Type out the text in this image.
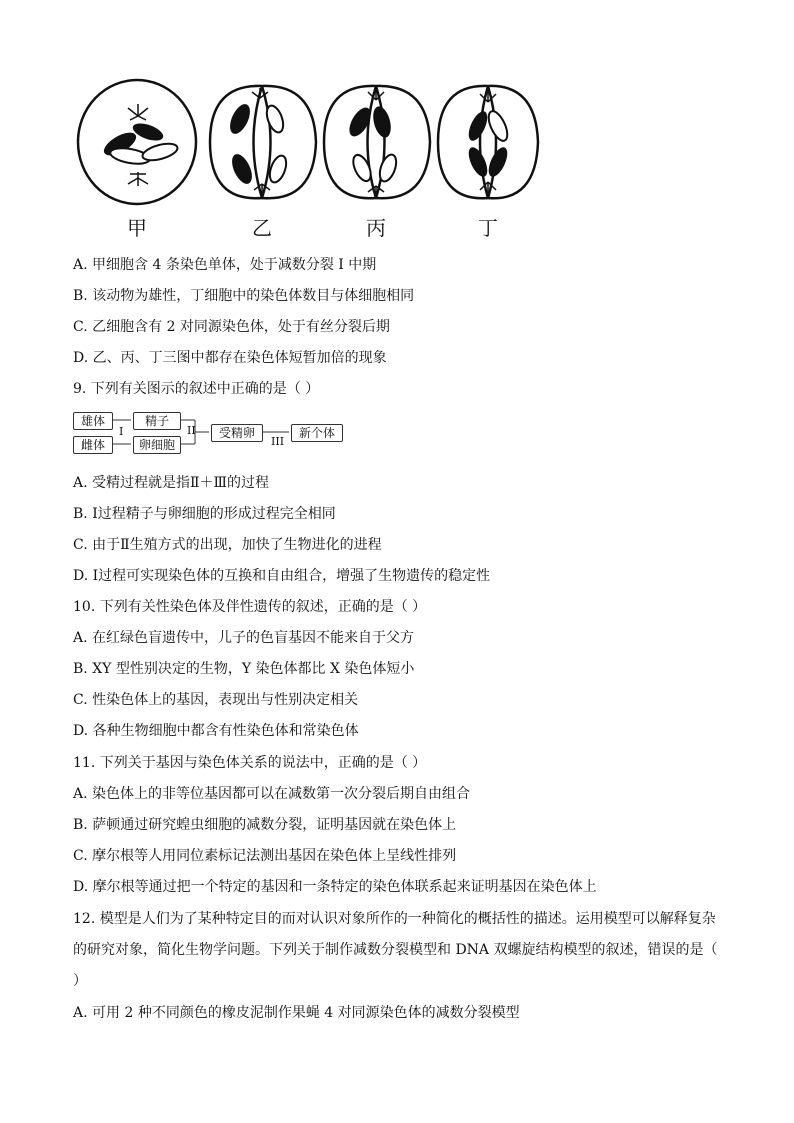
甲	乙	丙	丁
A. 甲细胞含 4 条染色单体，处于减数分裂 I 中期
B. 该动物为雄性，丁细胞中的染色体数目与体细胞相同
C. 乙细胞含有 2 对同源染色体，处于有丝分裂后期
D. 乙、丙、丁三图中都存在染色体短暂加倍的现象
9. 下列有关图示的叙述中正确的是（ ）
雄体
雌体
精子
卵细胞
受精卵	新个体
I	II
III
A. 受精过程就是指Ⅱ＋Ⅲ的过程
B. Ⅰ过程精子与卵细胞的形成过程完全相同
C. 由于Ⅱ生殖方式的出现，加快了生物进化的进程
D. Ⅰ过程可实现染色体的互换和自由组合，增强了生物遗传的稳定性
10. 下列有关性染色体及伴性遗传的叙述，正确的是（ ）
A. 在红绿色盲遗传中，儿子的色盲基因不能来自于父方
B. XY 型性别决定的生物，Y 染色体都比 X 染色体短小
C. 性染色体上的基因，表现出与性别决定相关
D. 各种生物细胞中都含有性染色体和常染色体
11. 下列关于基因与染色体关系的说法中，正确的是（ ）
A. 染色体上的非等位基因都可以在减数第一次分裂后期自由组合
B. 萨顿通过研究蝗虫细胞的减数分裂，证明基因就在染色体上
C. 摩尔根等人用同位素标记法测出基因在染色体上呈线性排列
D. 摩尔根等通过把一个特定的基因和一条特定的染色体联系起来证明基因在染色体上
12. 模型是人们为了某种特定目的而对认识对象所作的一种简化的概括性的描述。运用模型可以解释复杂的研究对象，简化生物学问题。下列关于制作减数分裂模型和 DNA 双螺旋结构模型的叙述，错误的是（ ）
A. 可用 2 种不同颜色的橡皮泥制作果蝇 4 对同源染色体的减数分裂模型
